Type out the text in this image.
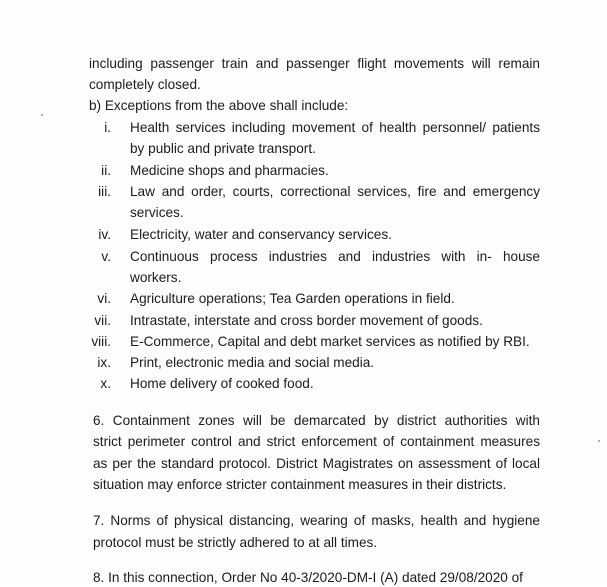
including passenger train and passenger flight movements will remain
completely closed.
b) Exceptions from the above shall include:
i. Health services including movement of health personnel/ patients
by public and private transport.
ii. Medicine shops and pharmacies.
iii. Law and order, courts, correctional services, fire and emergency
services.
iv. Electricity, water and conservancy services.
v. Continuous process industries and industries with in- house
workers.
vi. Agriculture operations; Tea Garden operations in field.
vii. Intrastate, interstate and cross border movement of goods.
viii. E-Commerce, Capital and debt market services as notified by RBI.
ix. Print, electronic media and social media.
x. Home delivery of cooked food.
6. Containment zones will be demarcated by district authorities with
strict perimeter control and strict enforcement of containment measures
as per the standard protocol. District Magistrates on assessment of local
situation may enforce stricter containment measures in their districts.
7. Norms of physical distancing, wearing of masks, health and hygiene
protocol must be strictly adhered to at all times.
8. In this connection, Order No 40-3/2020-DM-I (A) dated 29/08/2020 of
